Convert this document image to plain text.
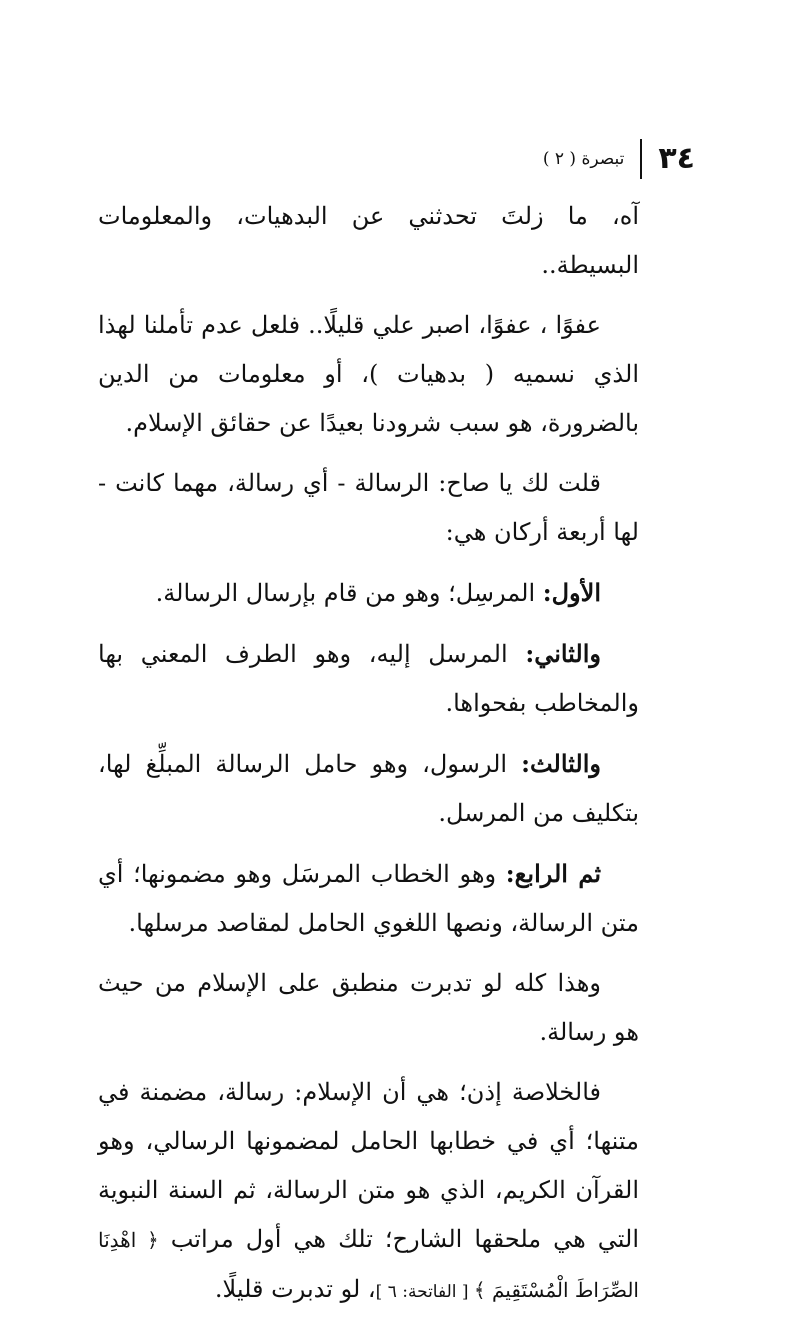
٣٤
تبصرة ( ٢ )

آه، ما زلتَ تحدثني عن البدهيات، والمعلومات البسيطة..

عفوًا ، عفوًا، اصبر علي قليلًا.. فلعل عدم تأملنا لهذا الذي نسميه ( بدهيات )، أو معلومات من الدين بالضرورة، هو سبب شرودنا بعيدًا عن حقائق الإسلام.

قلت لك يا صاح: الرسالة - أي رسالة، مهما كانت - لها أربعة أركان هي:

الأول: المرسِل؛ وهو من قام بإرسال الرسالة.

والثاني: المرسل إليه، وهو الطرف المعني بها والمخاطب بفحواها.

والثالث: الرسول، وهو حامل الرسالة المبلِّغ لها، بتكليف من المرسل.

ثم الرابع: وهو الخطاب المرسَل وهو مضمونها؛ أي متن الرسالة، ونصها اللغوي الحامل لمقاصد مرسلها.

وهذا كله لو تدبرت منطبق على الإسلام من حيث هو رسالة.

فالخلاصة إذن؛ هي أن الإسلام: رسالة، مضمنة في متنها؛ أي في خطابها الحامل لمضمونها الرسالي، وهو القرآن الكريم، الذي هو متن الرسالة، ثم السنة النبوية التي هي ملحقها الشارح؛ تلك هي أول مراتب ﴿ اهْدِنَا الصِّرَاطَ الْمُسْتَقِيمَ ﴾ [ الفاتحة: ٦ ]، لو تدبرت قليلًا.
